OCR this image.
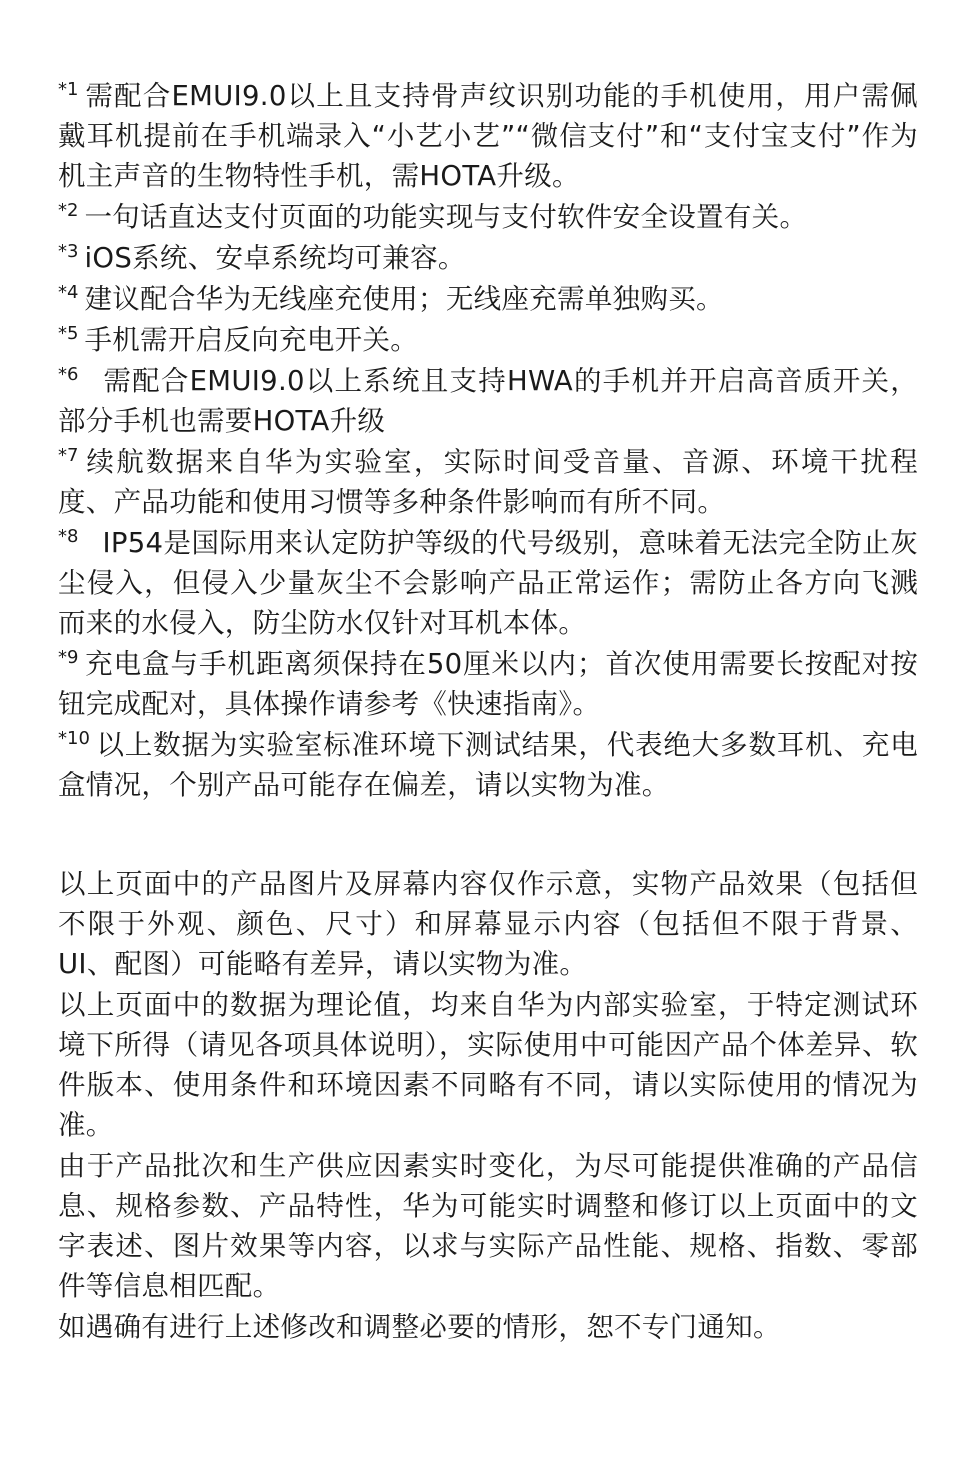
*1 需配合EMUI9.0以上且支持骨声纹识别功能的手机使用，用户需佩戴耳机提前在手机端录入“小艺小艺”“微信支付”和“支付宝支付”作为机主声音的生物特性手机，需HOTA升级。
*2 一句话直达支付页面的功能实现与支付软件安全设置有关。
*3 iOS系统、安卓系统均可兼容。
*4 建议配合华为无线座充使用；无线座充需单独购买。
*5 手机需开启反向充电开关。
*6 需配合EMUI9.0以上系统且支持HWA的手机并开启高音质开关，部分手机也需要HOTA升级
*7 续航数据来自华为实验室，实际时间受音量、音源、环境干扰程度、产品功能和使用习惯等多种条件影响而有所不同。
*8 IP54是国际用来认定防护等级的代号级别，意味着无法完全防止灰尘侵入，但侵入少量灰尘不会影响产品正常运作；需防止各方向飞溅而来的水侵入，防尘防水仅针对耳机本体。
*9 充电盒与手机距离须保持在50厘米以内；首次使用需要长按配对按钮完成配对，具体操作请参考《快速指南》。
*10 以上数据为实验室标准环境下测试结果，代表绝大多数耳机、充电盒情况，个别产品可能存在偏差，请以实物为准。

以上页面中的产品图片及屏幕内容仅作示意，实物产品效果（包括但不限于外观、颜色、尺寸）和屏幕显示内容（包括但不限于背景、UI、配图）可能略有差异，请以实物为准。

以上页面中的数据为理论值，均来自华为内部实验室，于特定测试环境下所得（请见各项具体说明），实际使用中可能因产品个体差异、软件版本、使用条件和环境因素不同略有不同，请以实际使用的情况为准。

由于产品批次和生产供应因素实时变化，为尽可能提供准确的产品信息、规格参数、产品特性，华为可能实时调整和修订以上页面中的文字表述、图片效果等内容，以求与实际产品性能、规格、指数、零部件等信息相匹配。

如遇确有进行上述修改和调整必要的情形，恕不专门通知。
